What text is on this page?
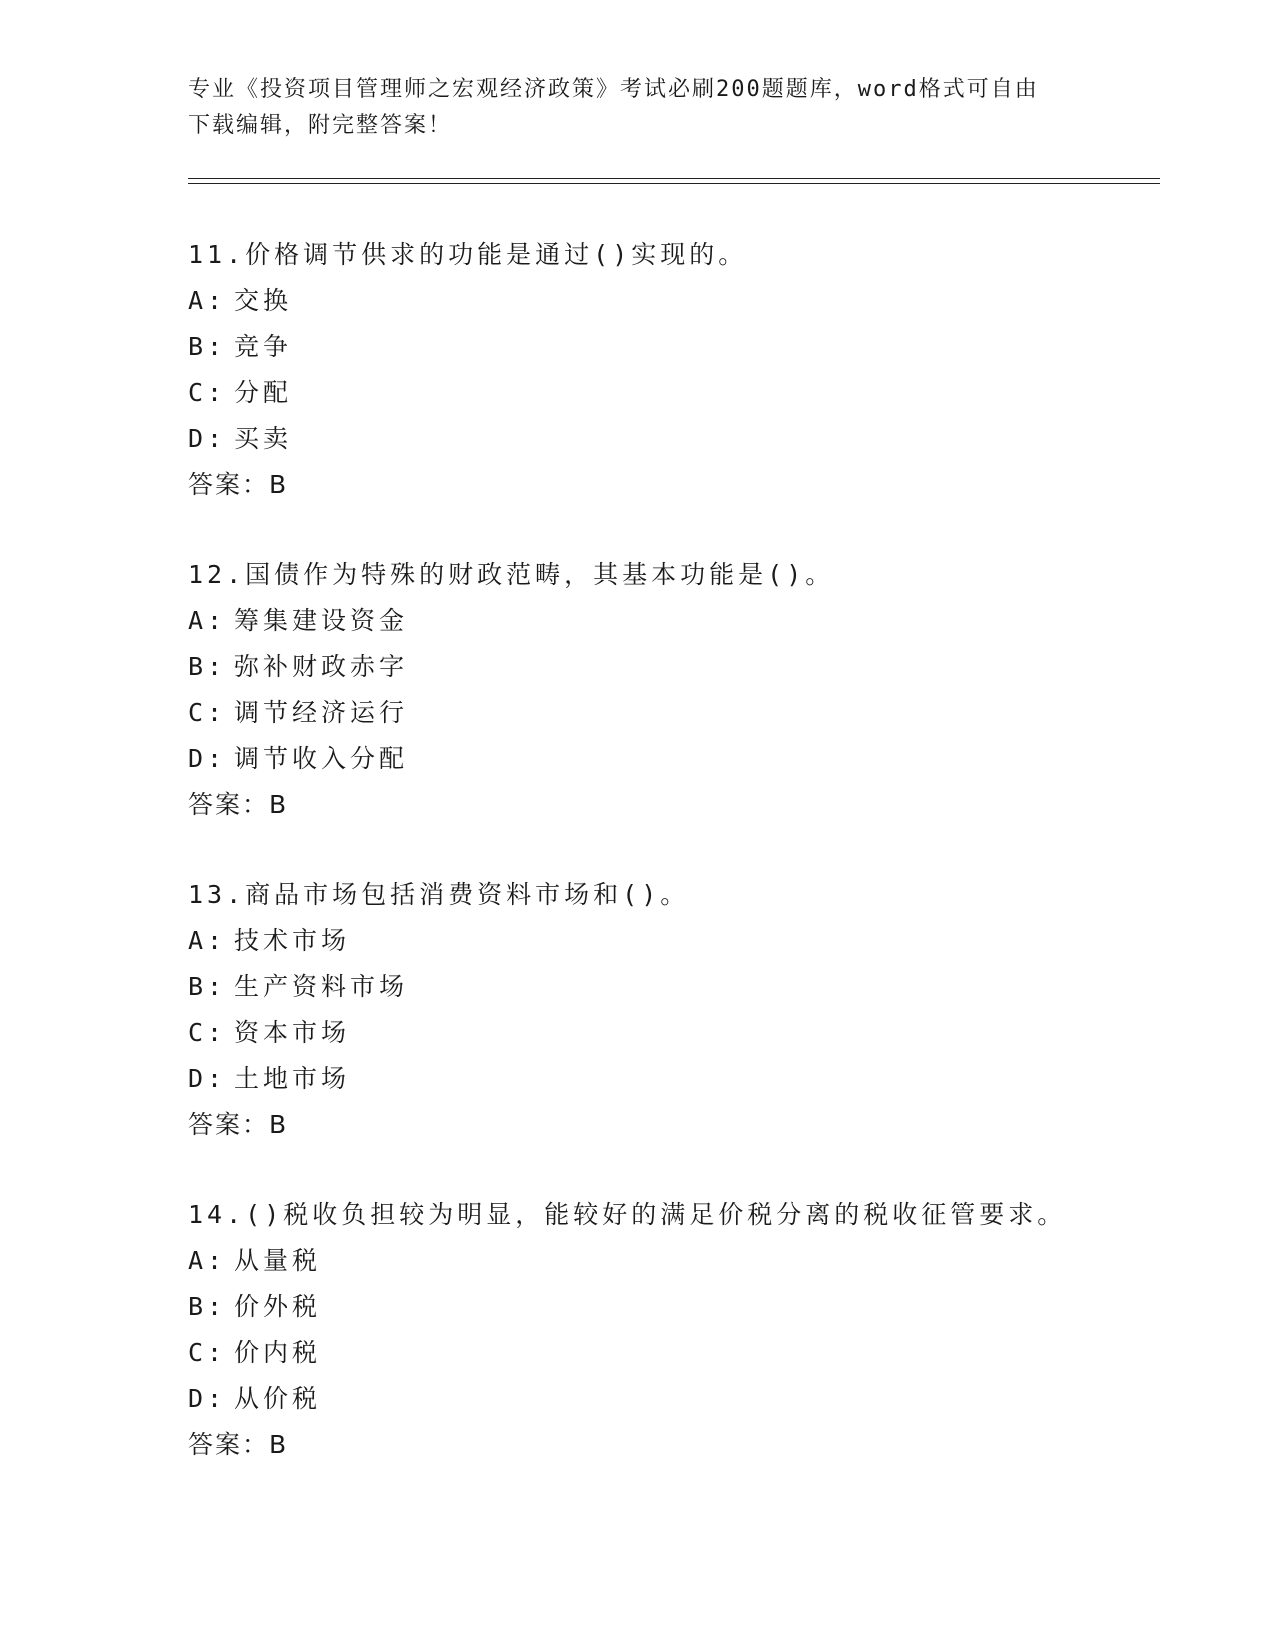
专业《投资项目管理师之宏观经济政策》考试必刷200题题库，word格式可自由
下载编辑，附完整答案！
11.价格调节供求的功能是通过()实现的。
A: 交换
B: 竞争
C: 分配
D: 买卖
答案：B
12.国债作为特殊的财政范畴，其基本功能是()。
A: 筹集建设资金
B: 弥补财政赤字
C: 调节经济运行
D: 调节收入分配
答案：B
13.商品市场包括消费资料市场和()。
A: 技术市场
B: 生产资料市场
C: 资本市场
D: 土地市场
答案：B
14.()税收负担较为明显，能较好的满足价税分离的税收征管要求。
A: 从量税
B: 价外税
C: 价内税
D: 从价税
答案：B
